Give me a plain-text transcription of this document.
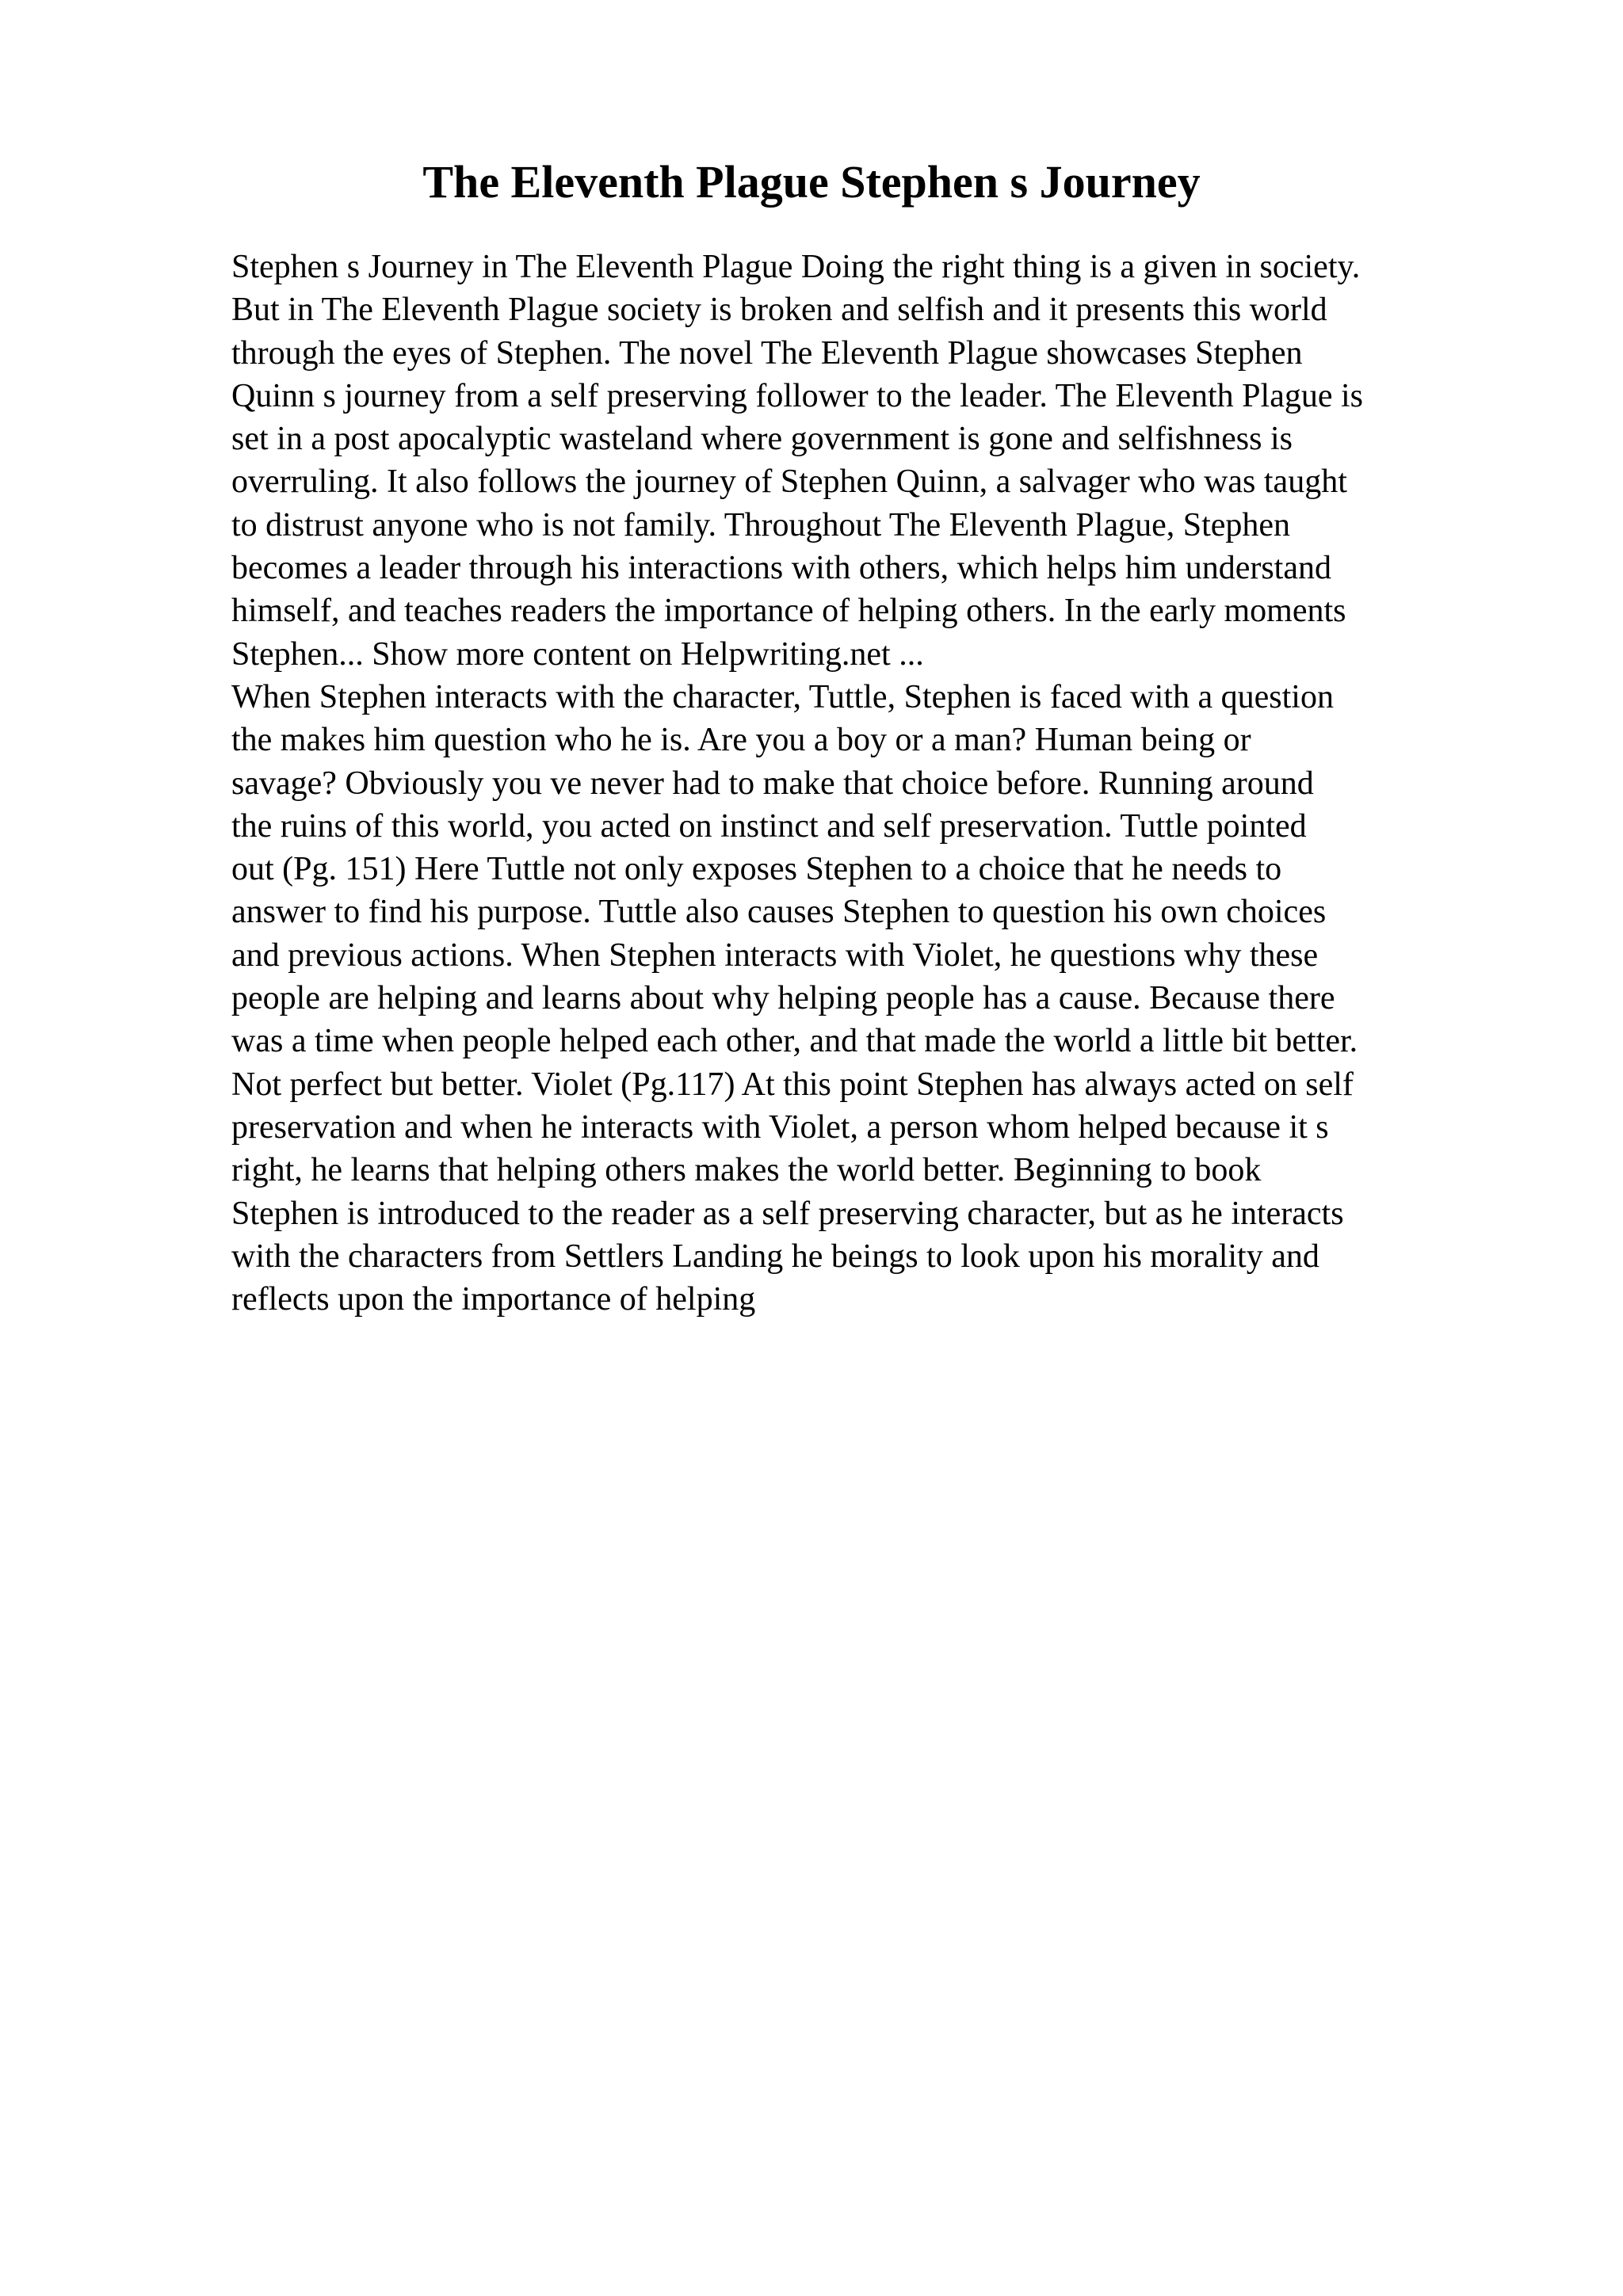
The Eleventh Plague Stephen s Journey
Stephen s Journey in The Eleventh Plague Doing the right thing is a given in society.
But in The Eleventh Plague society is broken and selfish and it presents this world
through the eyes of Stephen. The novel The Eleventh Plague showcases Stephen
Quinn s journey from a self preserving follower to the leader. The Eleventh Plague is
set in a post apocalyptic wasteland where government is gone and selfishness is
overruling. It also follows the journey of Stephen Quinn, a salvager who was taught
to distrust anyone who is not family. Throughout The Eleventh Plague, Stephen
becomes a leader through his interactions with others, which helps him understand
himself, and teaches readers the importance of helping others. In the early moments
Stephen... Show more content on Helpwriting.net ...
When Stephen interacts with the character, Tuttle, Stephen is faced with a question
the makes him question who he is. Are you a boy or a man? Human being or
savage? Obviously you ve never had to make that choice before. Running around
the ruins of this world, you acted on instinct and self preservation. Tuttle pointed
out (Pg. 151) Here Tuttle not only exposes Stephen to a choice that he needs to
answer to find his purpose. Tuttle also causes Stephen to question his own choices
and previous actions. When Stephen interacts with Violet, he questions why these
people are helping and learns about why helping people has a cause. Because there
was a time when people helped each other, and that made the world a little bit better.
Not perfect but better. Violet (Pg.117) At this point Stephen has always acted on self
preservation and when he interacts with Violet, a person whom helped because it s
right, he learns that helping others makes the world better. Beginning to book
Stephen is introduced to the reader as a self preserving character, but as he interacts
with the characters from Settlers Landing he beings to look upon his morality and
reflects upon the importance of helping
